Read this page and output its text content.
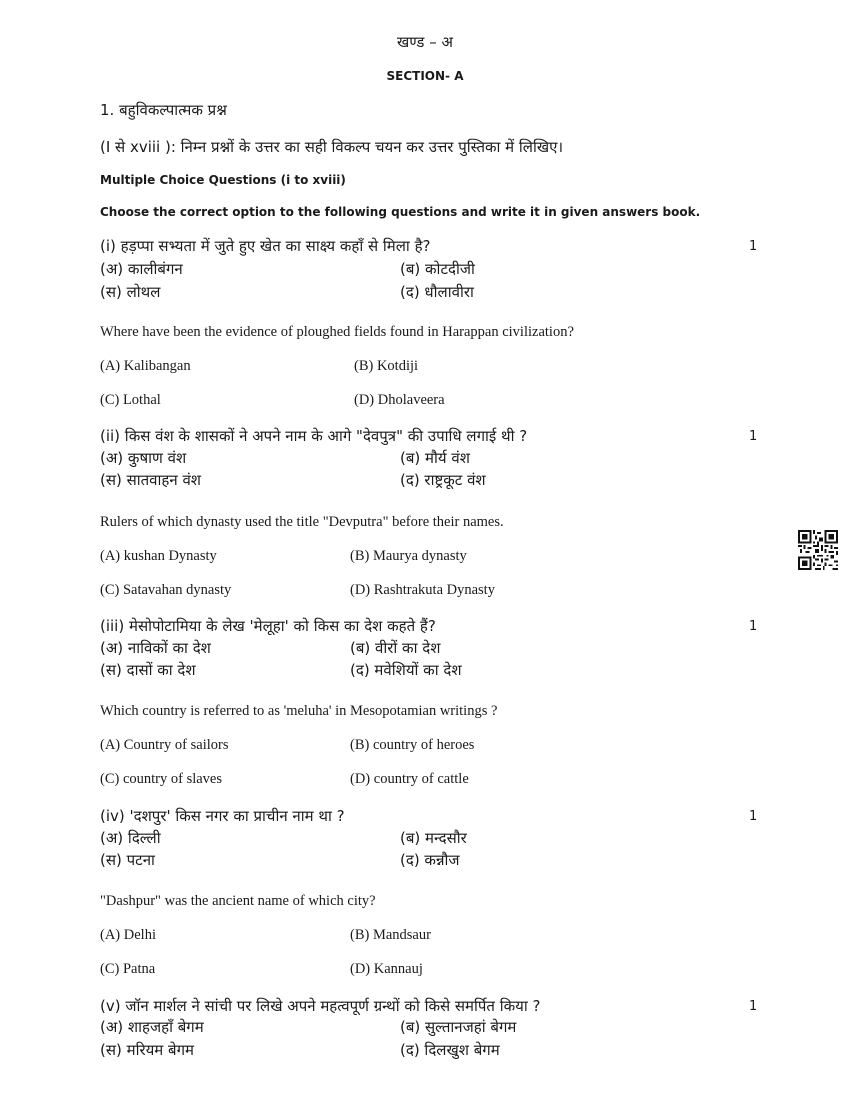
खण्ड – अ
SECTION- A
1. बहुविकल्पात्मक प्रश्न
(I से xviii ): निम्न प्रश्नों के उत्तर का सही विकल्प चयन कर उत्तर पुस्तिका में लिखिए।
Multiple Choice Questions (i to xviii)
Choose the correct option to the following questions and write it in given answers book.
(i) हड़प्पा सभ्यता में जुते हुए खेत का साक्ष्य कहाँ से मिला है?	1
(अ) कालीबंगन	(ब) कोटदीजी
(स) लोथल	(द) धौलावीरा
Where have been the evidence of ploughed fields found in Harappan civilization?
(A) Kalibangan	(B) Kotdiji
(C) Lothal	(D) Dholaveera
(ii) किस वंश के शासकों ने अपने नाम के आगे "देवपुत्र" की उपाधि लगाई थी ?	1
(अ) कुषाण वंश	(ब) मौर्य वंश
(स) सातवाहन वंश	(द) राष्ट्रकूट वंश
Rulers of which dynasty used the title "Devputra" before their names.
(A) kushan Dynasty	(B) Maurya dynasty
(C) Satavahan dynasty	(D) Rashtrakuta Dynasty
(iii) मेसोपोटामिया के लेख 'मेलूहा' को किस का देश कहते हैं?	1
(अ) नाविकों का देश	(ब) वीरों का देश
(स) दासों का देश	(द) मवेशियों का देश
Which country is referred to as 'meluha' in Mesopotamian writings ?
(A) Country of sailors	(B) country of heroes
(C) country of slaves	(D) country of cattle
(iv) 'दशपुर' किस नगर का प्राचीन नाम था ?	1
(अ) दिल्ली	(ब) मन्दसौर
(स) पटना	(द) कन्नौज
"Dashpur" was the ancient name of which city?
(A) Delhi	(B) Mandsaur
(C) Patna	(D) Kannauj
(v) जॉन मार्शल ने सांची पर लिखे अपने महत्वपूर्ण ग्रन्थों को किसे समर्पित किया ?	1
(अ) शाहजहाँ बेगम	(ब) सुल्तानजहां बेगम
(स) मरियम बेगम	(द) दिलखुश बेगम
